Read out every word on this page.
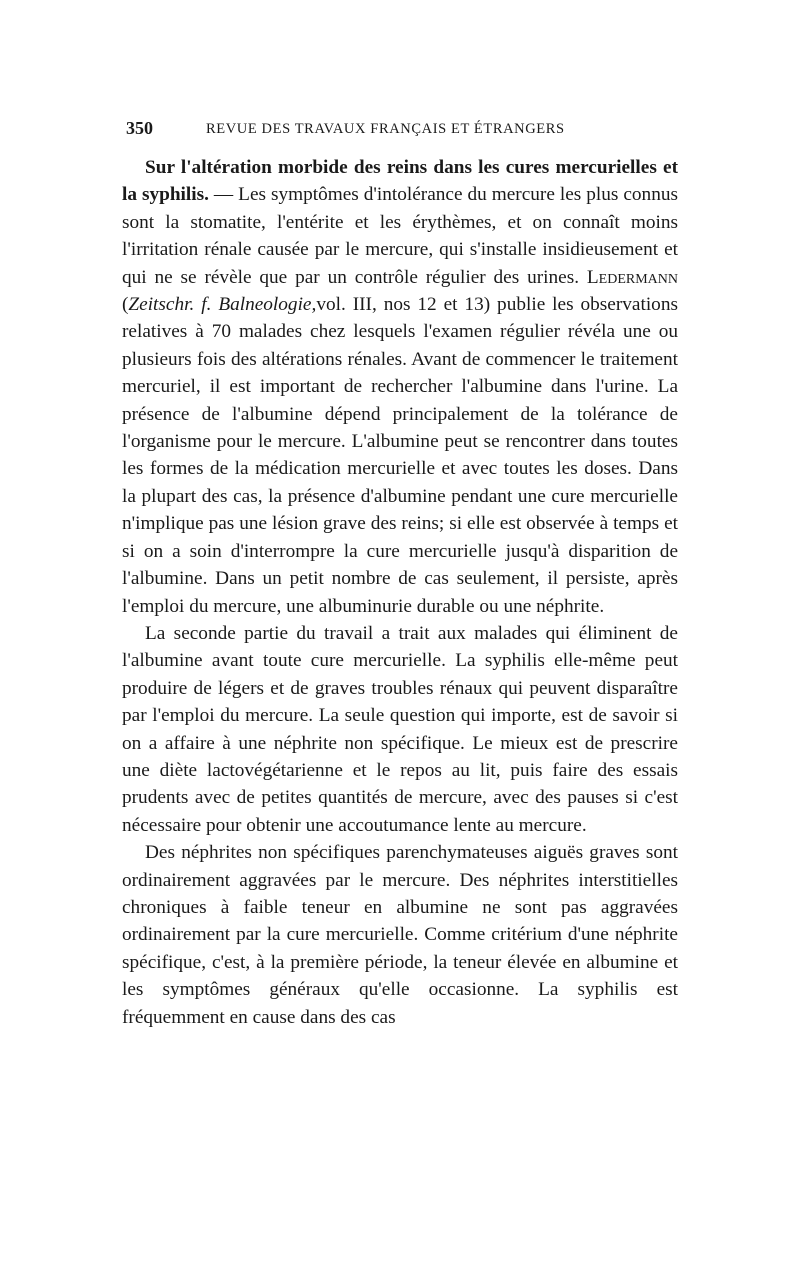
350	REVUE DES TRAVAUX FRANÇAIS ET ÉTRANGERS

Sur l'altération morbide des reins dans les cures mercurielles et la syphilis. — Les symptômes d'intolérance du mercure les plus connus sont la stomatite, l'entérite et les érythèmes, et on connaît moins l'irritation rénale causée par le mercure, qui s'installe insidieusement et qui ne se révèle que par un contrôle régulier des urines. Ledermann (Zeitschr. f. Balneologie,vol. III, nos 12 et 13) publie les observations relatives à 70 malades chez lesquels l'examen régulier révéla une ou plusieurs fois des altérations rénales. Avant de commencer le traitement mercuriel, il est important de rechercher l'albumine dans l'urine. La présence de l'albumine dépend principalement de la tolérance de l'organisme pour le mercure. L'albumine peut se rencontrer dans toutes les formes de la médication mercurielle et avec toutes les doses. Dans la plupart des cas, la présence d'albumine pendant une cure mercurielle n'implique pas une lésion grave des reins; si elle est observée à temps et si on a soin d'interrompre la cure mercurielle jusqu'à disparition de l'albumine. Dans un petit nombre de cas seulement, il persiste, après l'emploi du mercure, une albuminurie durable ou une néphrite.

La seconde partie du travail a trait aux malades qui éliminent de l'albumine avant toute cure mercurielle. La syphilis elle-même peut produire de légers et de graves troubles rénaux qui peuvent disparaître par l'emploi du mercure. La seule question qui importe, est de savoir si on a affaire à une néphrite non spécifique. Le mieux est de prescrire une diète lactovégétarienne et le repos au lit, puis faire des essais prudents avec de petites quantités de mercure, avec des pauses si c'est nécessaire pour obtenir une accoutumance lente au mercure.

Des néphrites non spécifiques parenchymateuses aiguës graves sont ordinairement aggravées par le mercure. Des néphrites interstitielles chroniques à faible teneur en albumine ne sont pas aggravées ordinairement par la cure mercurielle. Comme critérium d'une néphrite spécifique, c'est, à la première période, la teneur élevée en albumine et les symptômes généraux qu'elle occasionne. La syphilis est fréquemment en cause dans des cas
